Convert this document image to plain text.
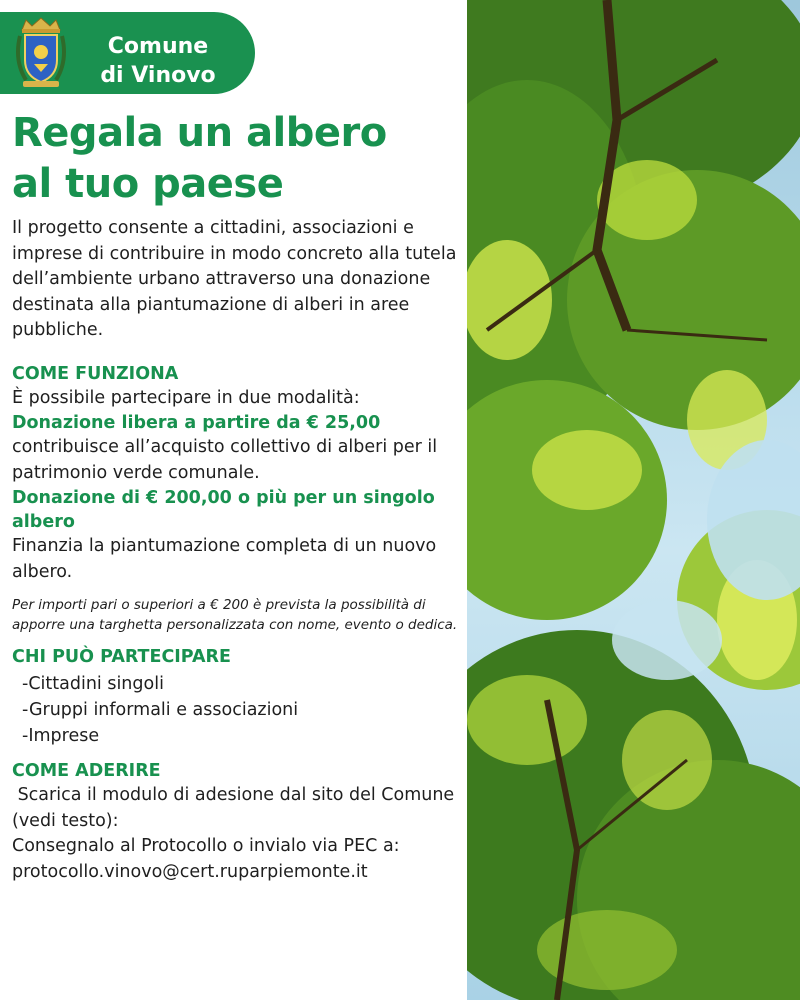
Comune
di Vinovo
Regala un albero
al tuo paese

Il progetto consente a cittadini, associazioni e imprese di contribuire in modo concreto alla tutela dell’ambiente urbano attraverso una donazione destinata alla piantumazione di alberi in aree pubbliche.

COME FUNZIONA

È possibile partecipare in due modalità:

Donazione libera a partire da € 25,00

contribuisce all’acquisto collettivo di alberi per il patrimonio verde comunale.

Donazione di € 200,00 o più per un singolo albero

Finanzia la piantumazione completa di un nuovo albero.

Per importi pari o superiori a € 200 è prevista la possibilità di apporre una targhetta personalizzata con nome, evento o dedica.

CHI PUÒ PARTECIPARE
-Cittadini singoli
-Gruppi informali e associazioni
-Imprese
COME ADERIRE

Scarica il modulo di adesione dal sito del Comune (vedi testo):

Consegnalo al Protocollo o invialo via PEC a: protocollo.vinovo@cert.ruparpiemonte.it
